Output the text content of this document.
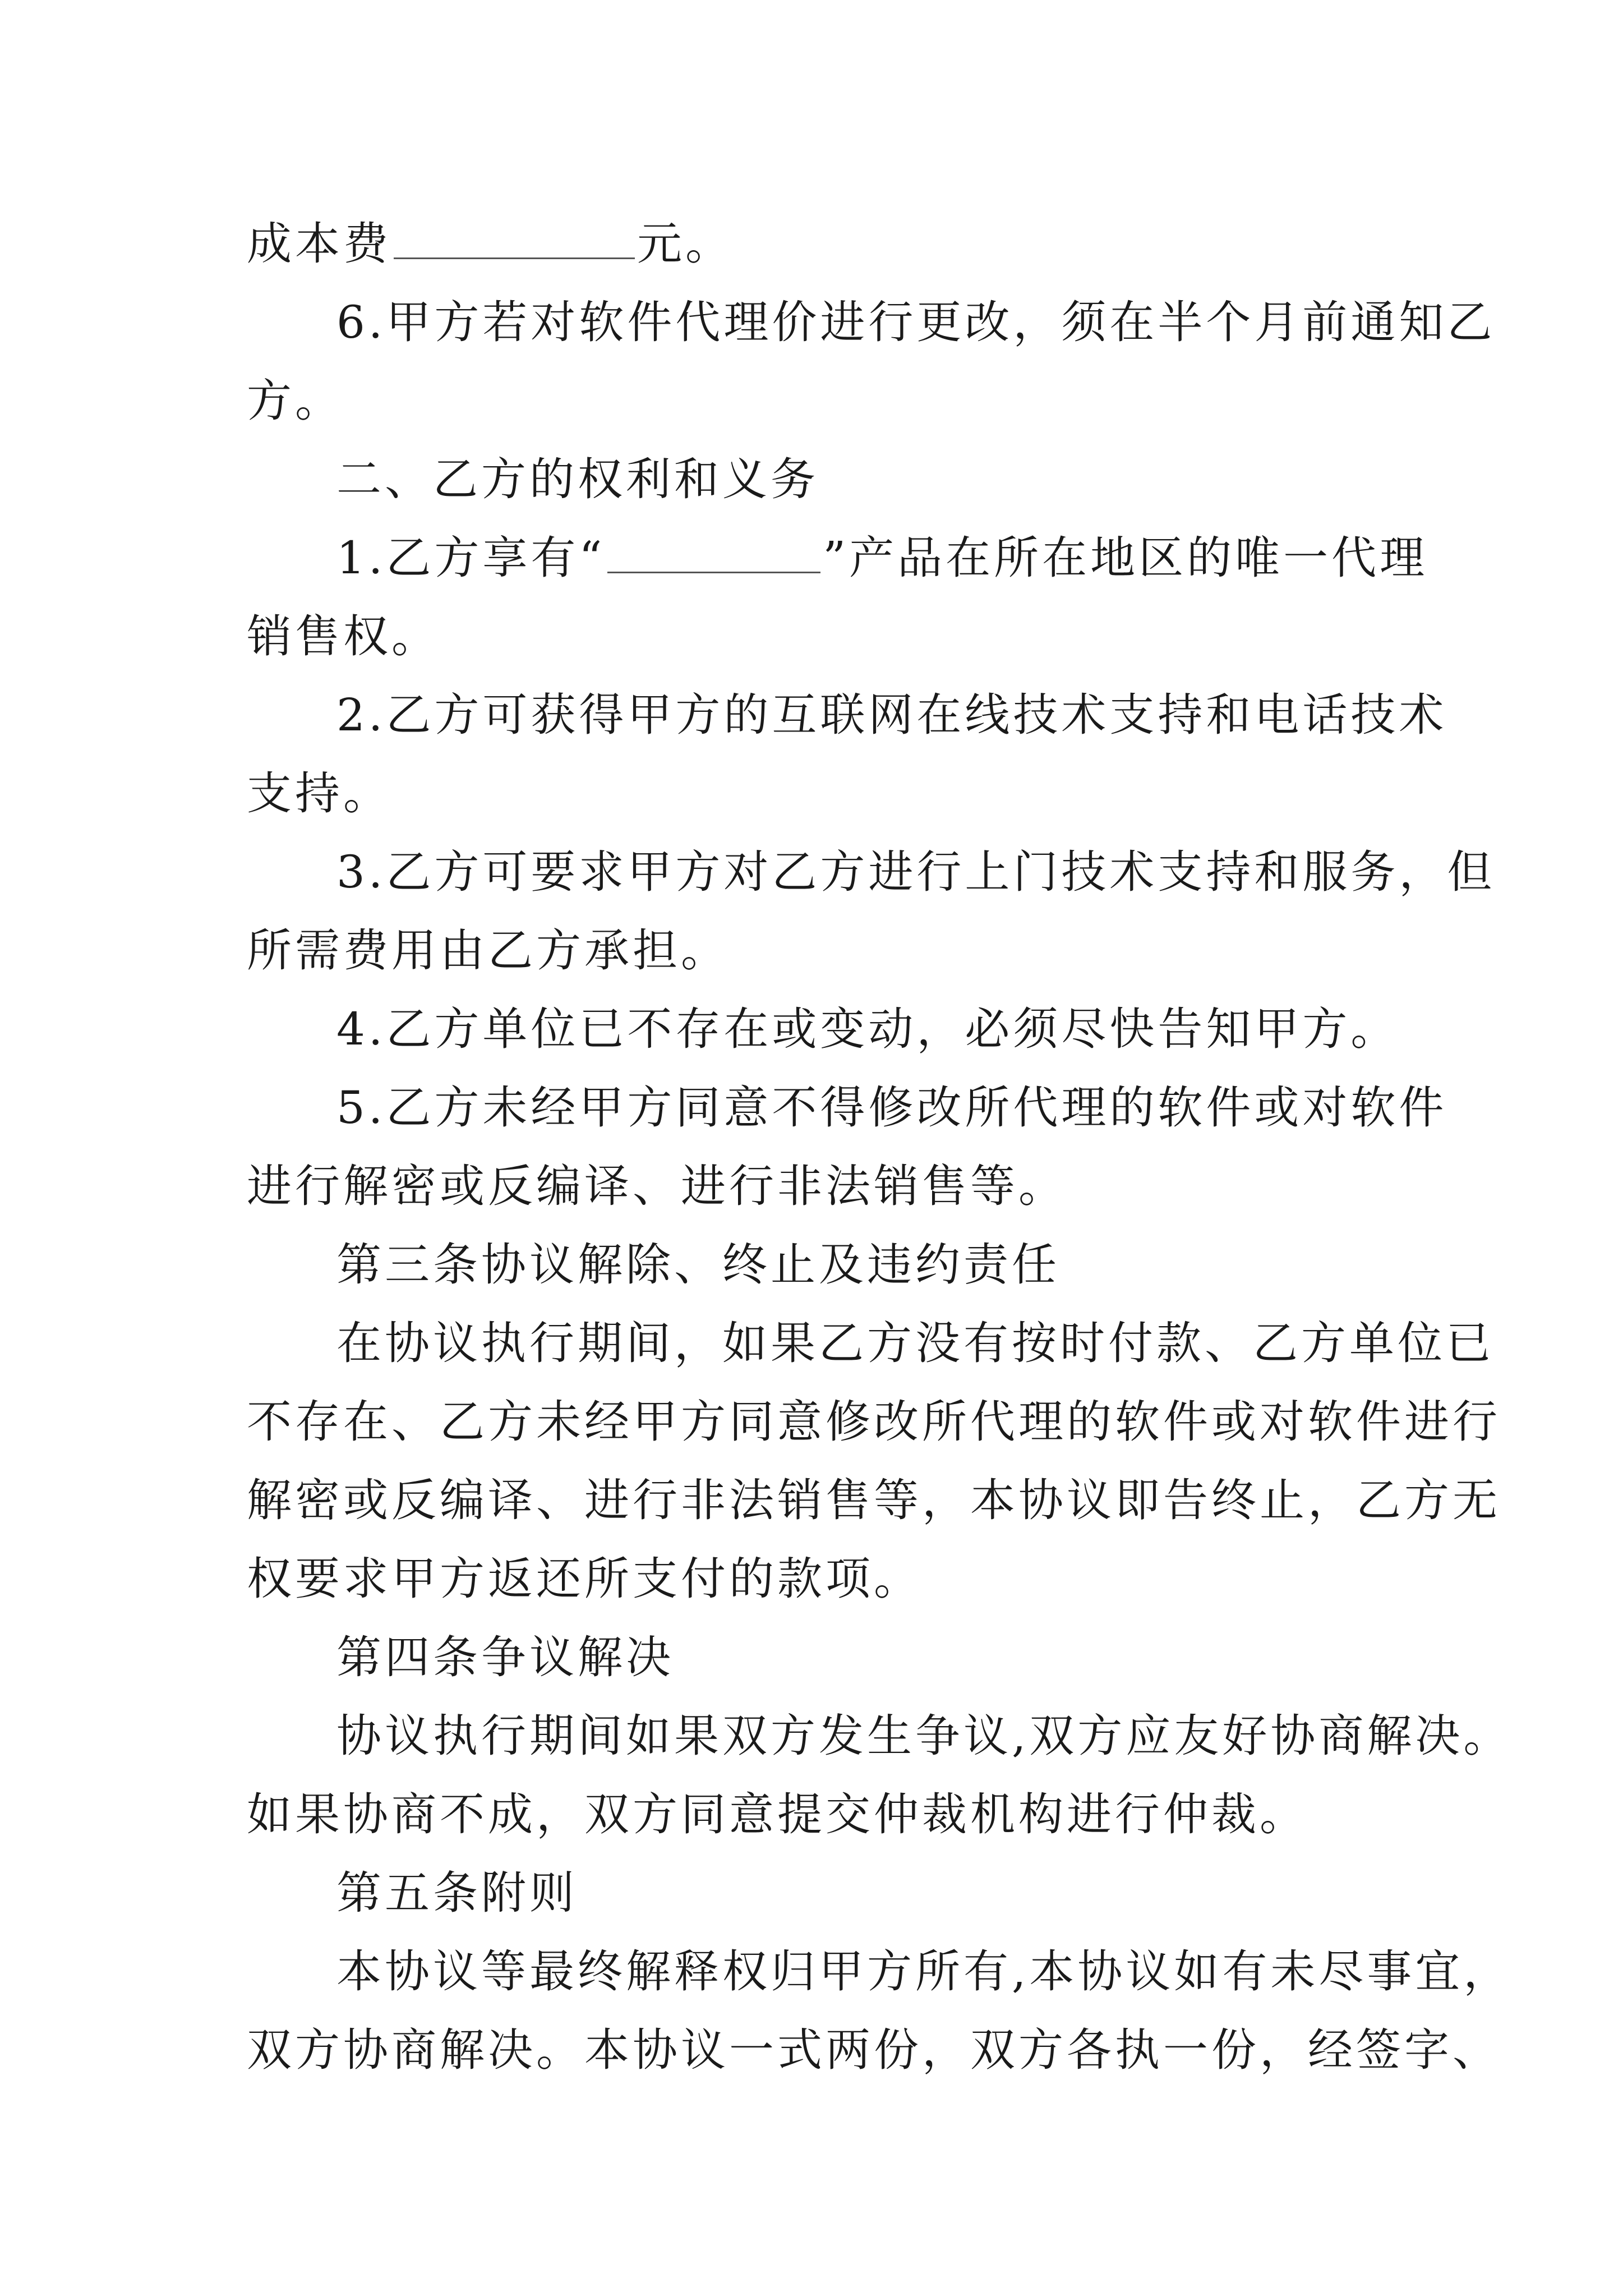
成本费	元。
6.甲方若对软件代理价进行更改，须在半个月前通知乙
方。
二、乙方的权利和义务
1.乙方享有“	”产品在所在地区的唯一代理
销售权。
2.乙方可获得甲方的互联网在线技术支持和电话技术
支持。
3.乙方可要求甲方对乙方进行上门技术支持和服务，但
所需费用由乙方承担。
4.乙方单位已不存在或变动，必须尽快告知甲方。
5.乙方未经甲方同意不得修改所代理的软件或对软件
进行解密或反编译、进行非法销售等。
第三条协议解除、终止及违约责任
在协议执行期间，如果乙方没有按时付款、乙方单位已
不存在、乙方未经甲方同意修改所代理的软件或对软件进行
解密或反编译、进行非法销售等，本协议即告终止，乙方无
权要求甲方返还所支付的款项。
第四条争议解决
协议执行期间如果双方发生争议,双方应友好协商解决。
如果协商不成，双方同意提交仲裁机构进行仲裁。
第五条附则
本协议等最终解释权归甲方所有,本协议如有未尽事宜，
双方协商解决。本协议一式两份，双方各执一份，经签字、
